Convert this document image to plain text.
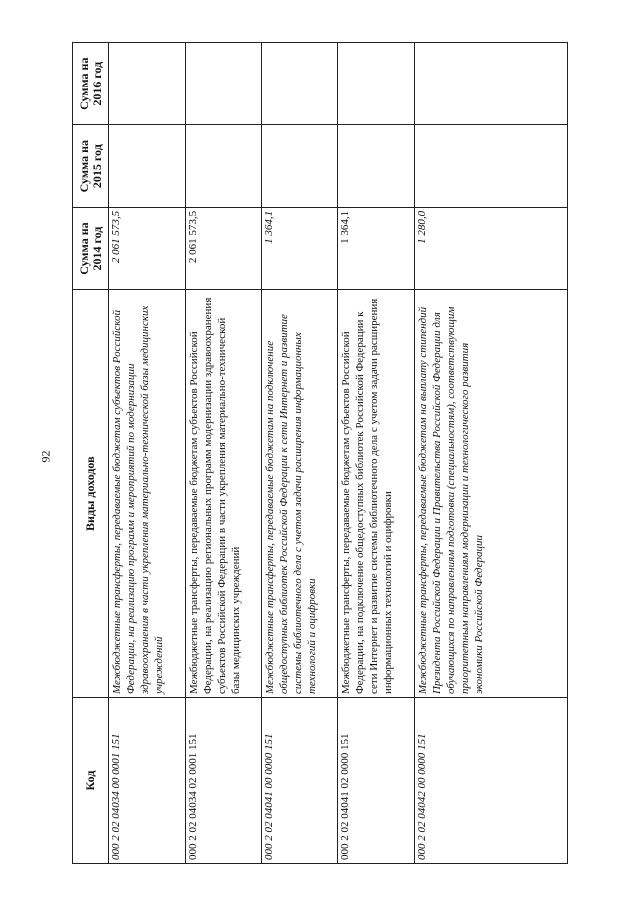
92
Код	Виды доходов	Сумма на 2014 год	Сумма на 2015 год	Сумма на 2016 год
000 2 02 04034 00 0001 151	Межбюджетные трансферты, передаваемые бюджетам субъектов Российской Федерации, на реализацию программ и мероприятий по модернизации здравоохранения в части укрепления материально-технической базы медицинских учреждений	2 061 573,5		
000 2 02 04034 02 0001 151	Межбюджетные трансферты, передаваемые бюджетам субъектов Российской Федерации, на реализацию региональных программ модернизации здравоохранения субъектов Российской Федерации в части укрепления материально-технической базы медицинских учреждений	2 061 573,5		
000 2 02 04041 00 0000 151	Межбюджетные трансферты, передаваемые бюджетам на подключение общедоступных библиотек Российской Федерации к сети Интернет и развитие системы библиотечного дела с учетом задачи расширения информационных технологий и оцифровки	1 364,1		
000 2 02 04041 02 0000 151	Межбюджетные трансферты, передаваемые бюджетам субъектов Российской Федерации, на подключение общедоступных библиотек Российской Федерации к сети Интернет и развитие системы библиотечного дела с учетом задачи расширения информационных технологий и оцифровки	1 364,1		
000 2 02 04042 00 0000 151	Межбюджетные трансферты, передаваемые бюджетам на выплату стипендий Президента Российской Федерации и Правительства Российской Федерации для обучающихся по направлениям подготовки (специальностям), соответствующим приоритетным направлениям модернизации и технологического развития экономики Российской Федерации	1 280,0		
